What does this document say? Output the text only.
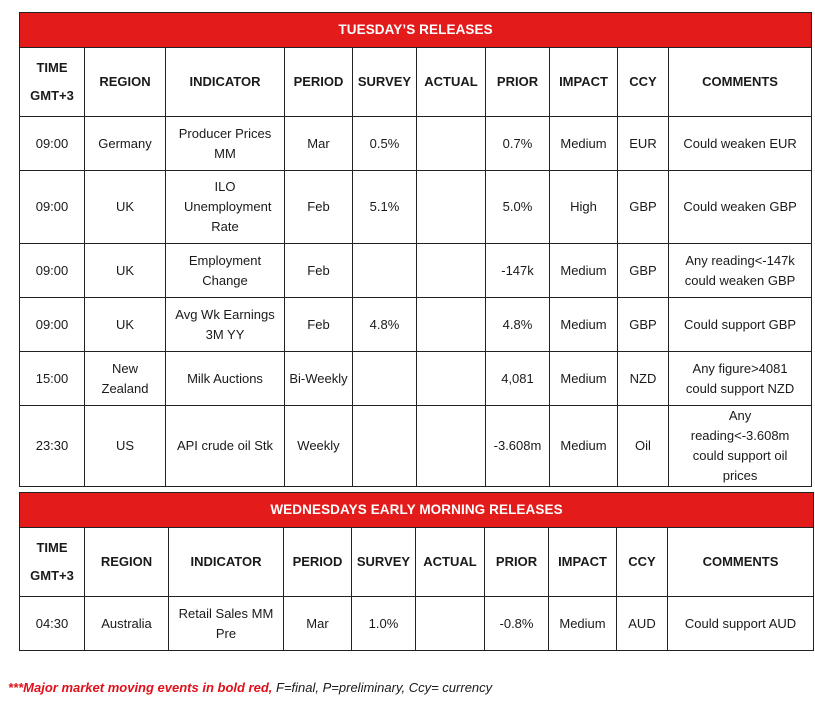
TUESDAY’S RELEASES									

TIME
GMT+3	REGION	INDICATOR	PERIOD	SURVEY	ACTUAL	PRIOR	IMPACT	CCY	COMMENTS
09:00	Germany	Producer Prices MM	Mar	0.5%		0.7%	Medium	EUR	Could weaken EUR
09:00	UK	ILO Unemployment Rate	Feb	5.1%		5.0%	High	GBP	Could weaken GBP
09:00	UK	Employment Change	Feb			-147k	Medium	GBP	Any reading<-147k could weaken GBP
09:00	UK	Avg Wk Earnings 3M YY	Feb	4.8%		4.8%	Medium	GBP	Could support GBP
15:00	New Zealand	Milk Auctions	Bi-Weekly			4,081	Medium	NZD	Any figure>4081 could support NZD
23:30	US	API crude oil Stk	Weekly			-3.608m	Medium	Oil	Any reading<-3.608m could support oil prices
WEDNESDAYS EARLY MORNING RELEASES									

TIME
GMT+3	REGION	INDICATOR	PERIOD	SURVEY	ACTUAL	PRIOR	IMPACT	CCY	COMMENTS
04:30	Australia	Retail Sales MM Pre	Mar	1.0%		-0.8%	Medium	AUD	Could support AUD
***Major market moving events in bold red, F=final, P=preliminary, Ccy= currency
